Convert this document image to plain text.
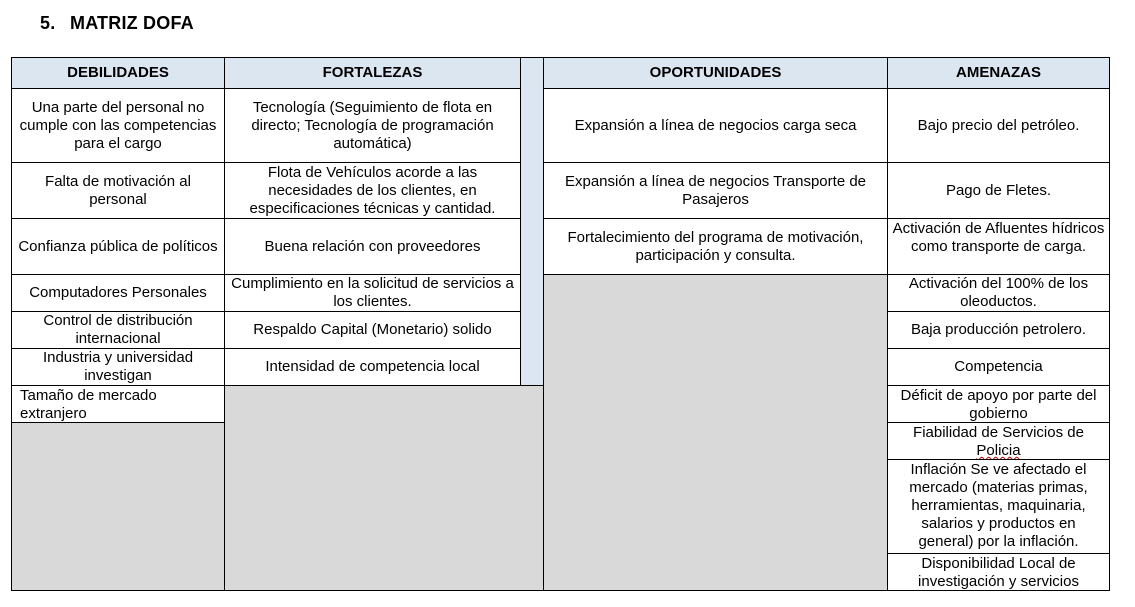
5. MATRIZ DOFA
DEBILIDADES
Una parte del personal no cumple con las competencias para el cargo
Falta de motivación al personal
Confianza pública de políticos
Computadores Personales
Control de distribución internacional
Industria y universidad investigan
Tamaño de mercado extranjero
FORTALEZAS
Tecnología (Seguimiento de flota en directo; Tecnología de programación automática)
Flota de Vehículos acorde a las necesidades de los clientes, en especificaciones técnicas y cantidad.
Buena relación con proveedores
Cumplimiento en la solicitud de servicios a los clientes.
Respaldo Capital (Monetario) solido
Intensidad de competencia local
OPORTUNIDADES
Expansión a línea de negocios carga seca
Expansión a línea de negocios Transporte de Pasajeros
Fortalecimiento del programa de motivación, participación y consulta.
AMENAZAS
Bajo precio del petróleo.
Pago de Fletes.
Activación de Afluentes hídricos como transporte de carga.
Activación del 100% de los oleoductos.
Baja producción petrolero.
Competencia
Déficit de apoyo por parte del gobierno
Fiabilidad de Servicios de
Policia
Inflación Se ve afectado el mercado (materias primas, herramientas, maquinaria, salarios y productos en general) por la inflación.
Disponibilidad Local de investigación y servicios
